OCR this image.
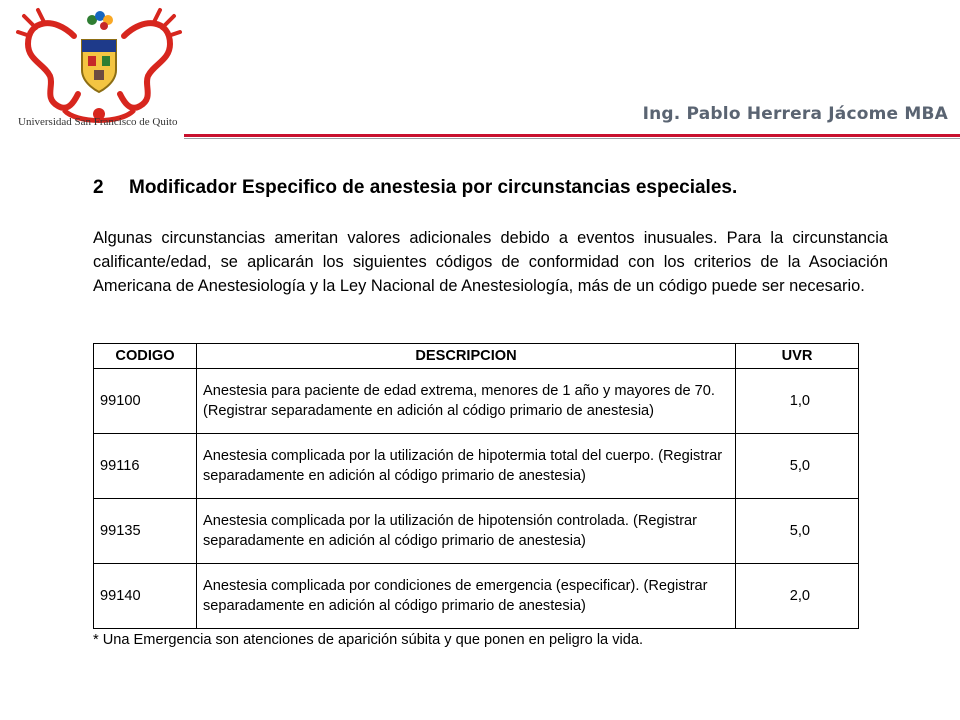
Universidad San Francisco de Quito	Ing. Pablo Herrera Jácome MBA
2 Modificador Especifico de anestesia por circunstancias especiales.

Algunas circunstancias ameritan valores adicionales debido a eventos inusuales. Para la circunstancia calificante/edad, se aplicarán los siguientes códigos de conformidad con los criterios de la Asociación Americana de Anestesiología y la Ley Nacional de Anestesiología, más de un código puede ser necesario.

CODIGO	DESCRIPCION	UVR
99100	Anestesia para paciente de edad extrema, menores de 1 año y mayores de 70. (Registrar separadamente en adición al código primario de anestesia)	1,0
99116	Anestesia complicada por la utilización de hipotermia total del cuerpo. (Registrar separadamente en adición al código primario de anestesia)	5,0
99135	Anestesia complicada por la utilización de hipotensión controlada. (Registrar separadamente en adición al código primario de anestesia)	5,0
99140	Anestesia complicada por condiciones de emergencia (especificar). (Registrar separadamente en adición al código primario de anestesia)	2,0
* Una Emergencia son atenciones de aparición súbita y que ponen en peligro la vida.
